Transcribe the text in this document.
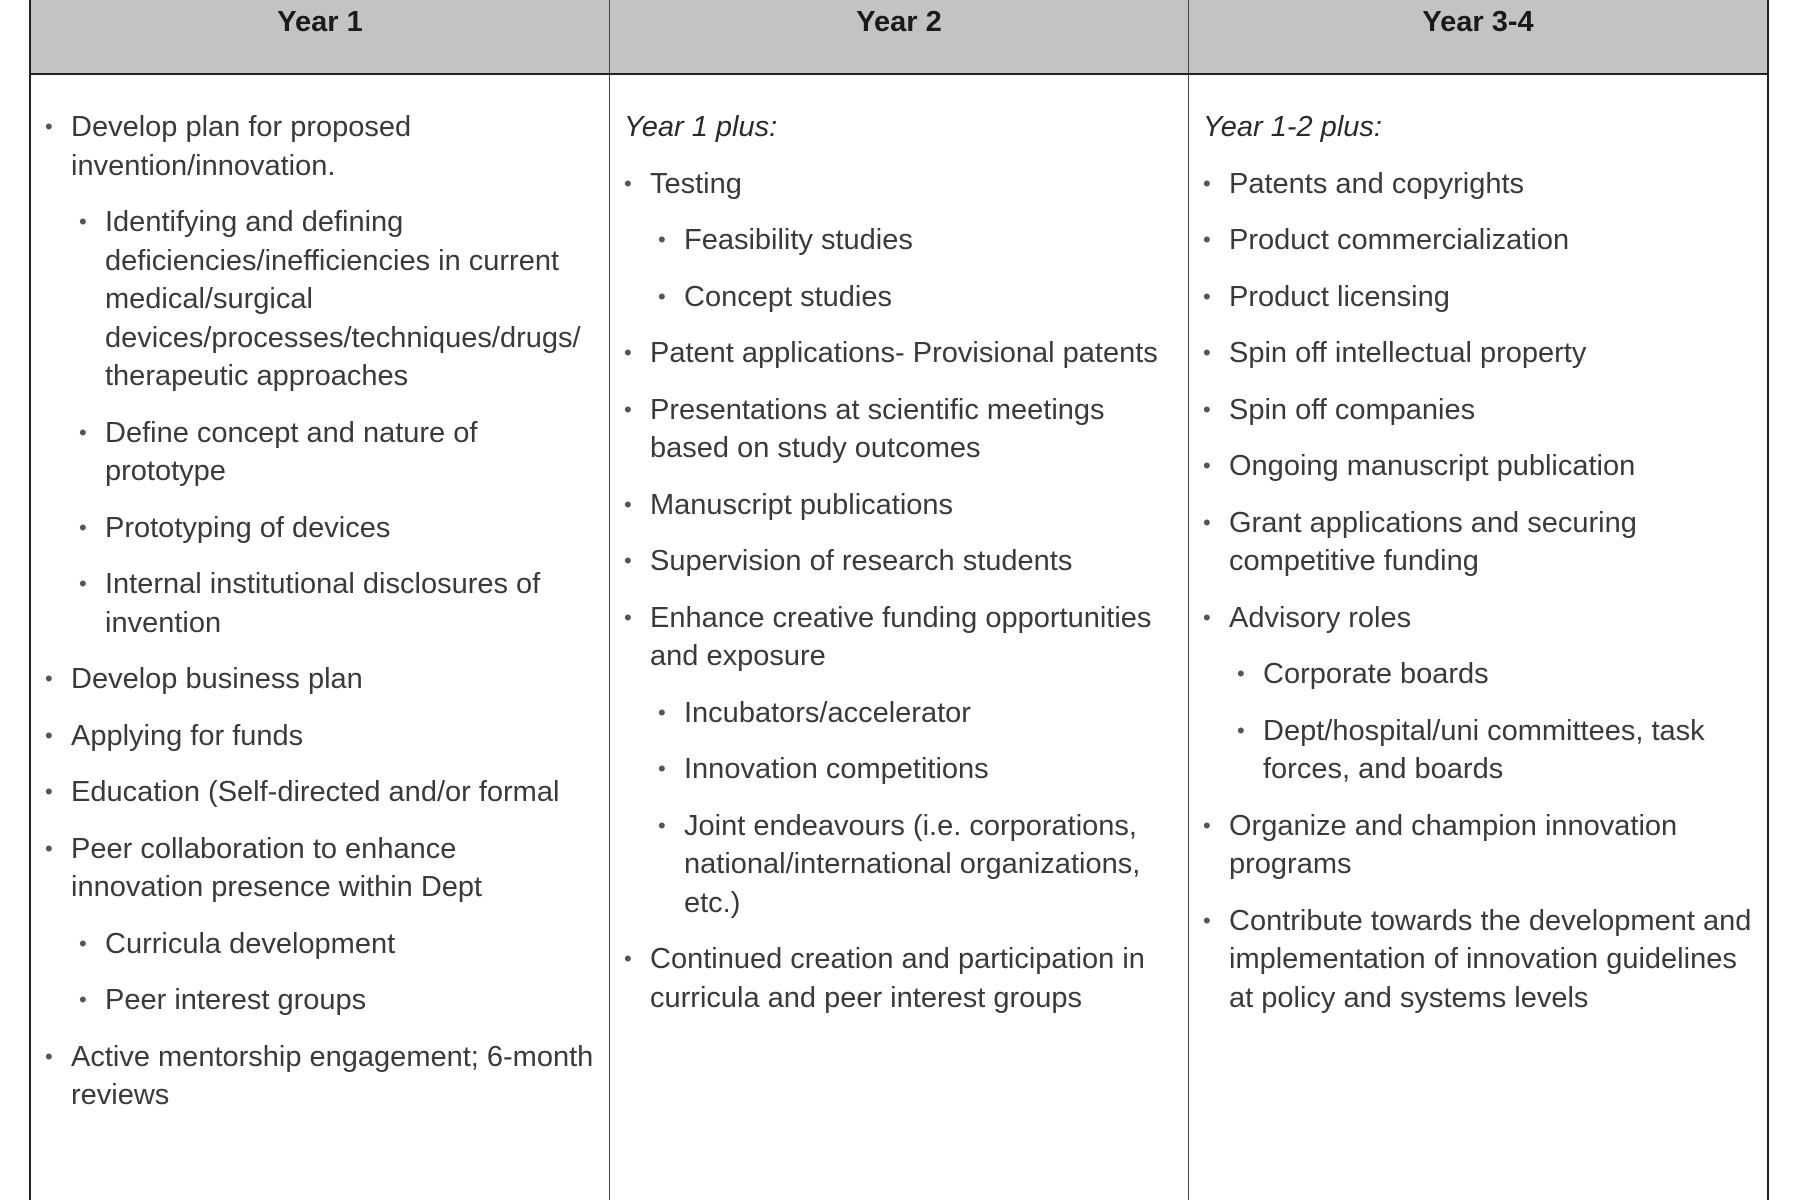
Year 1	Year 2	Year 3-4
• Develop plan for proposed invention/innovation.
• Identifying and defining deficiencies/inefficiencies in current medical/surgical devices/processes/techniques/drugs/ therapeutic approaches
• Define concept and nature of prototype
• Prototyping of devices
• Internal institutional disclosures of invention
• Develop business plan
• Applying for funds
• Education (Self-directed and/or formal
• Peer collaboration to enhance innovation presence within Dept
• Curricula development
• Peer interest groups
• Active mentorship engagement; 6-month reviews
Year 1 plus:
• Testing
• Feasibility studies
• Concept studies
• Patent applications- Provisional patents
• Presentations at scientific meetings based on study outcomes
• Manuscript publications
• Supervision of research students
• Enhance creative funding opportunities and exposure
• Incubators/accelerator
• Innovation competitions
• Joint endeavours (i.e. corporations, national/international organizations, etc.)
• Continued creation and participation in curricula and peer interest groups
Year 1-2 plus:
• Patents and copyrights
• Product commercialization
• Product licensing
• Spin off intellectual property
• Spin off companies
• Ongoing manuscript publication
• Grant applications and securing competitive funding
• Advisory roles
• Corporate boards
• Dept/hospital/uni committees, task forces, and boards
• Organize and champion innovation programs
• Contribute towards the development and implementation of innovation guidelines at policy and systems levels
